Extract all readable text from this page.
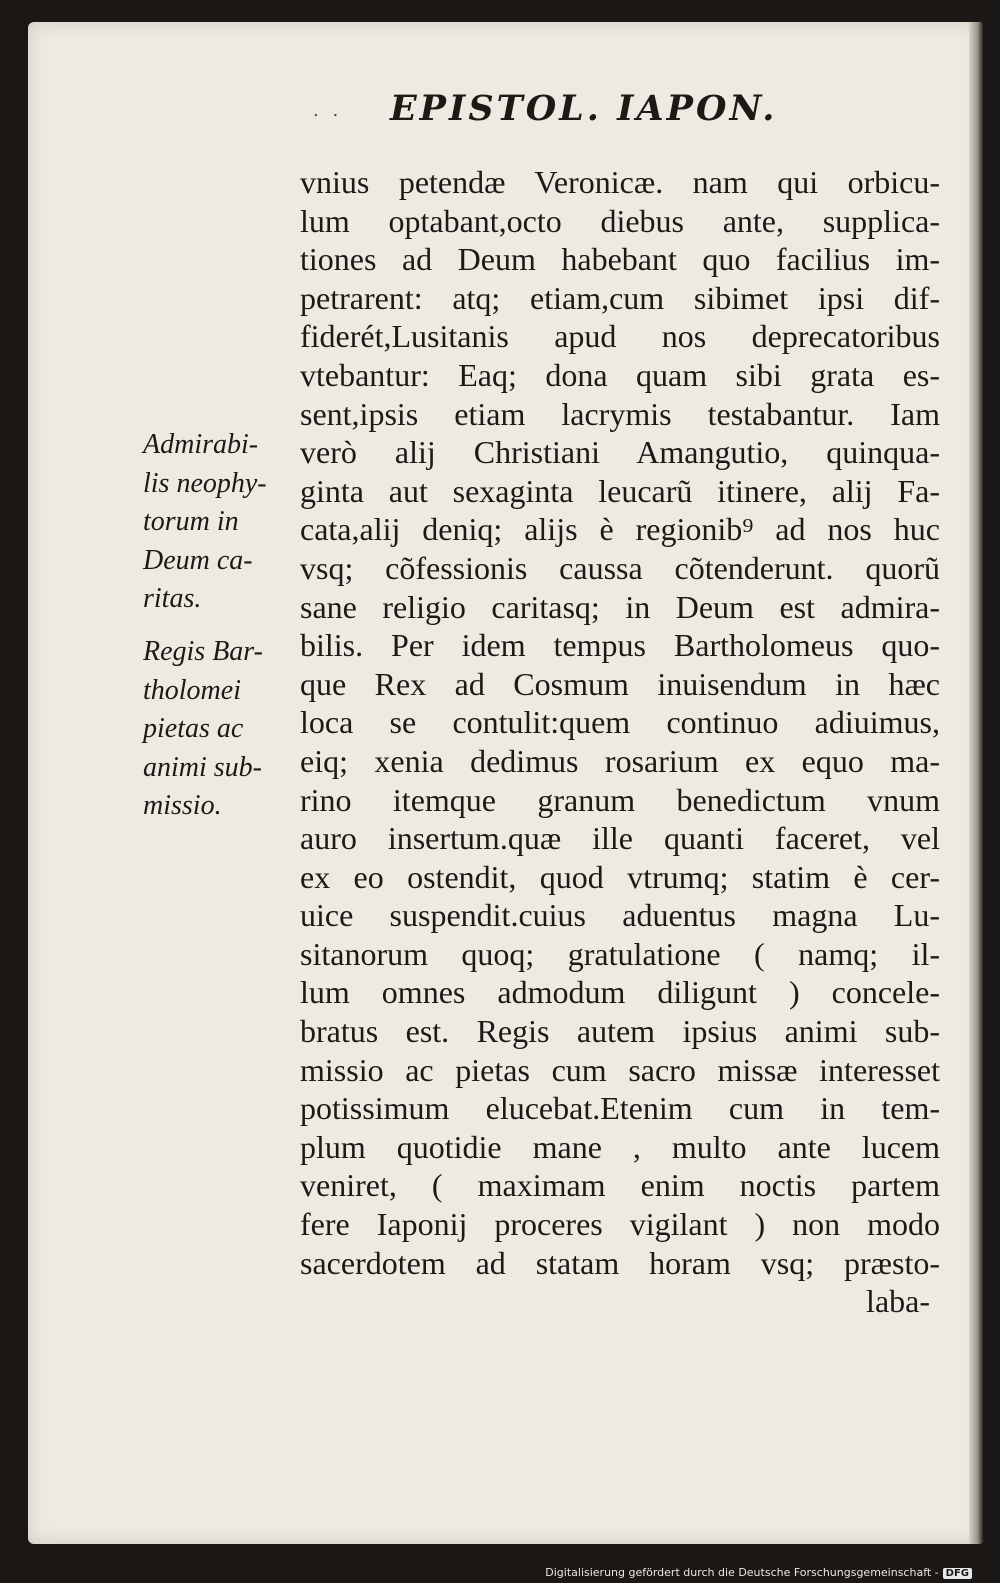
. . EPISTOL. IAPON.
Admirabi-
lis neophy-
torum in
Deum ca-
ritas.
Regis Bar-
tholomei
pietas ac
animi sub-
missio.
vnius petendæ Veronicæ. nam qui orbicu-
lum optabant,octo diebus ante, supplica-
tiones ad Deum habebant quo facilius im-
petrarent: atq; etiam,cum sibimet ipsi dif-
fiderét,Lusitanis apud nos deprecatoribus
vtebantur: Eaq; dona quam sibi grata es-
sent,ipsis etiam lacrymis testabantur. Iam
verò alij Christiani Amangutio, quinqua-
ginta aut sexaginta leucarũ itinere, alij Fa-
cata,alij deniq; alijs è regionib⁹ ad nos huc
vsq; cõfessionis caussa cõtenderunt. quorũ
sane religio caritasq; in Deum est admira-
bilis. Per idem tempus Bartholomeus quo-
que Rex ad Cosmum inuisendum in hæc
loca se contulit:quem continuo adiuimus,
eiq; xenia dedimus rosarium ex equo ma-
rino itemque granum benedictum vnum
auro insertum.quæ ille quanti faceret, vel
ex eo ostendit, quod vtrumq; statim è cer-
uice suspendit.cuius aduentus magna Lu-
sitanorum quoq; gratulatione ( namq; il-
lum omnes admodum diligunt ) concele-
bratus est. Regis autem ipsius animi sub-
missio ac pietas cum sacro missæ interesset
potissimum elucebat.Etenim cum in tem-
plum quotidie mane , multo ante lucem
veniret, ( maximam enim noctis partem
fere Iaponij proceres vigilant ) non modo
sacerdotem ad statam horam vsq; præsto-
laba-
Digitalisierung gefördert durch die Deutsche Forschungsgemeinschaft - DFG
